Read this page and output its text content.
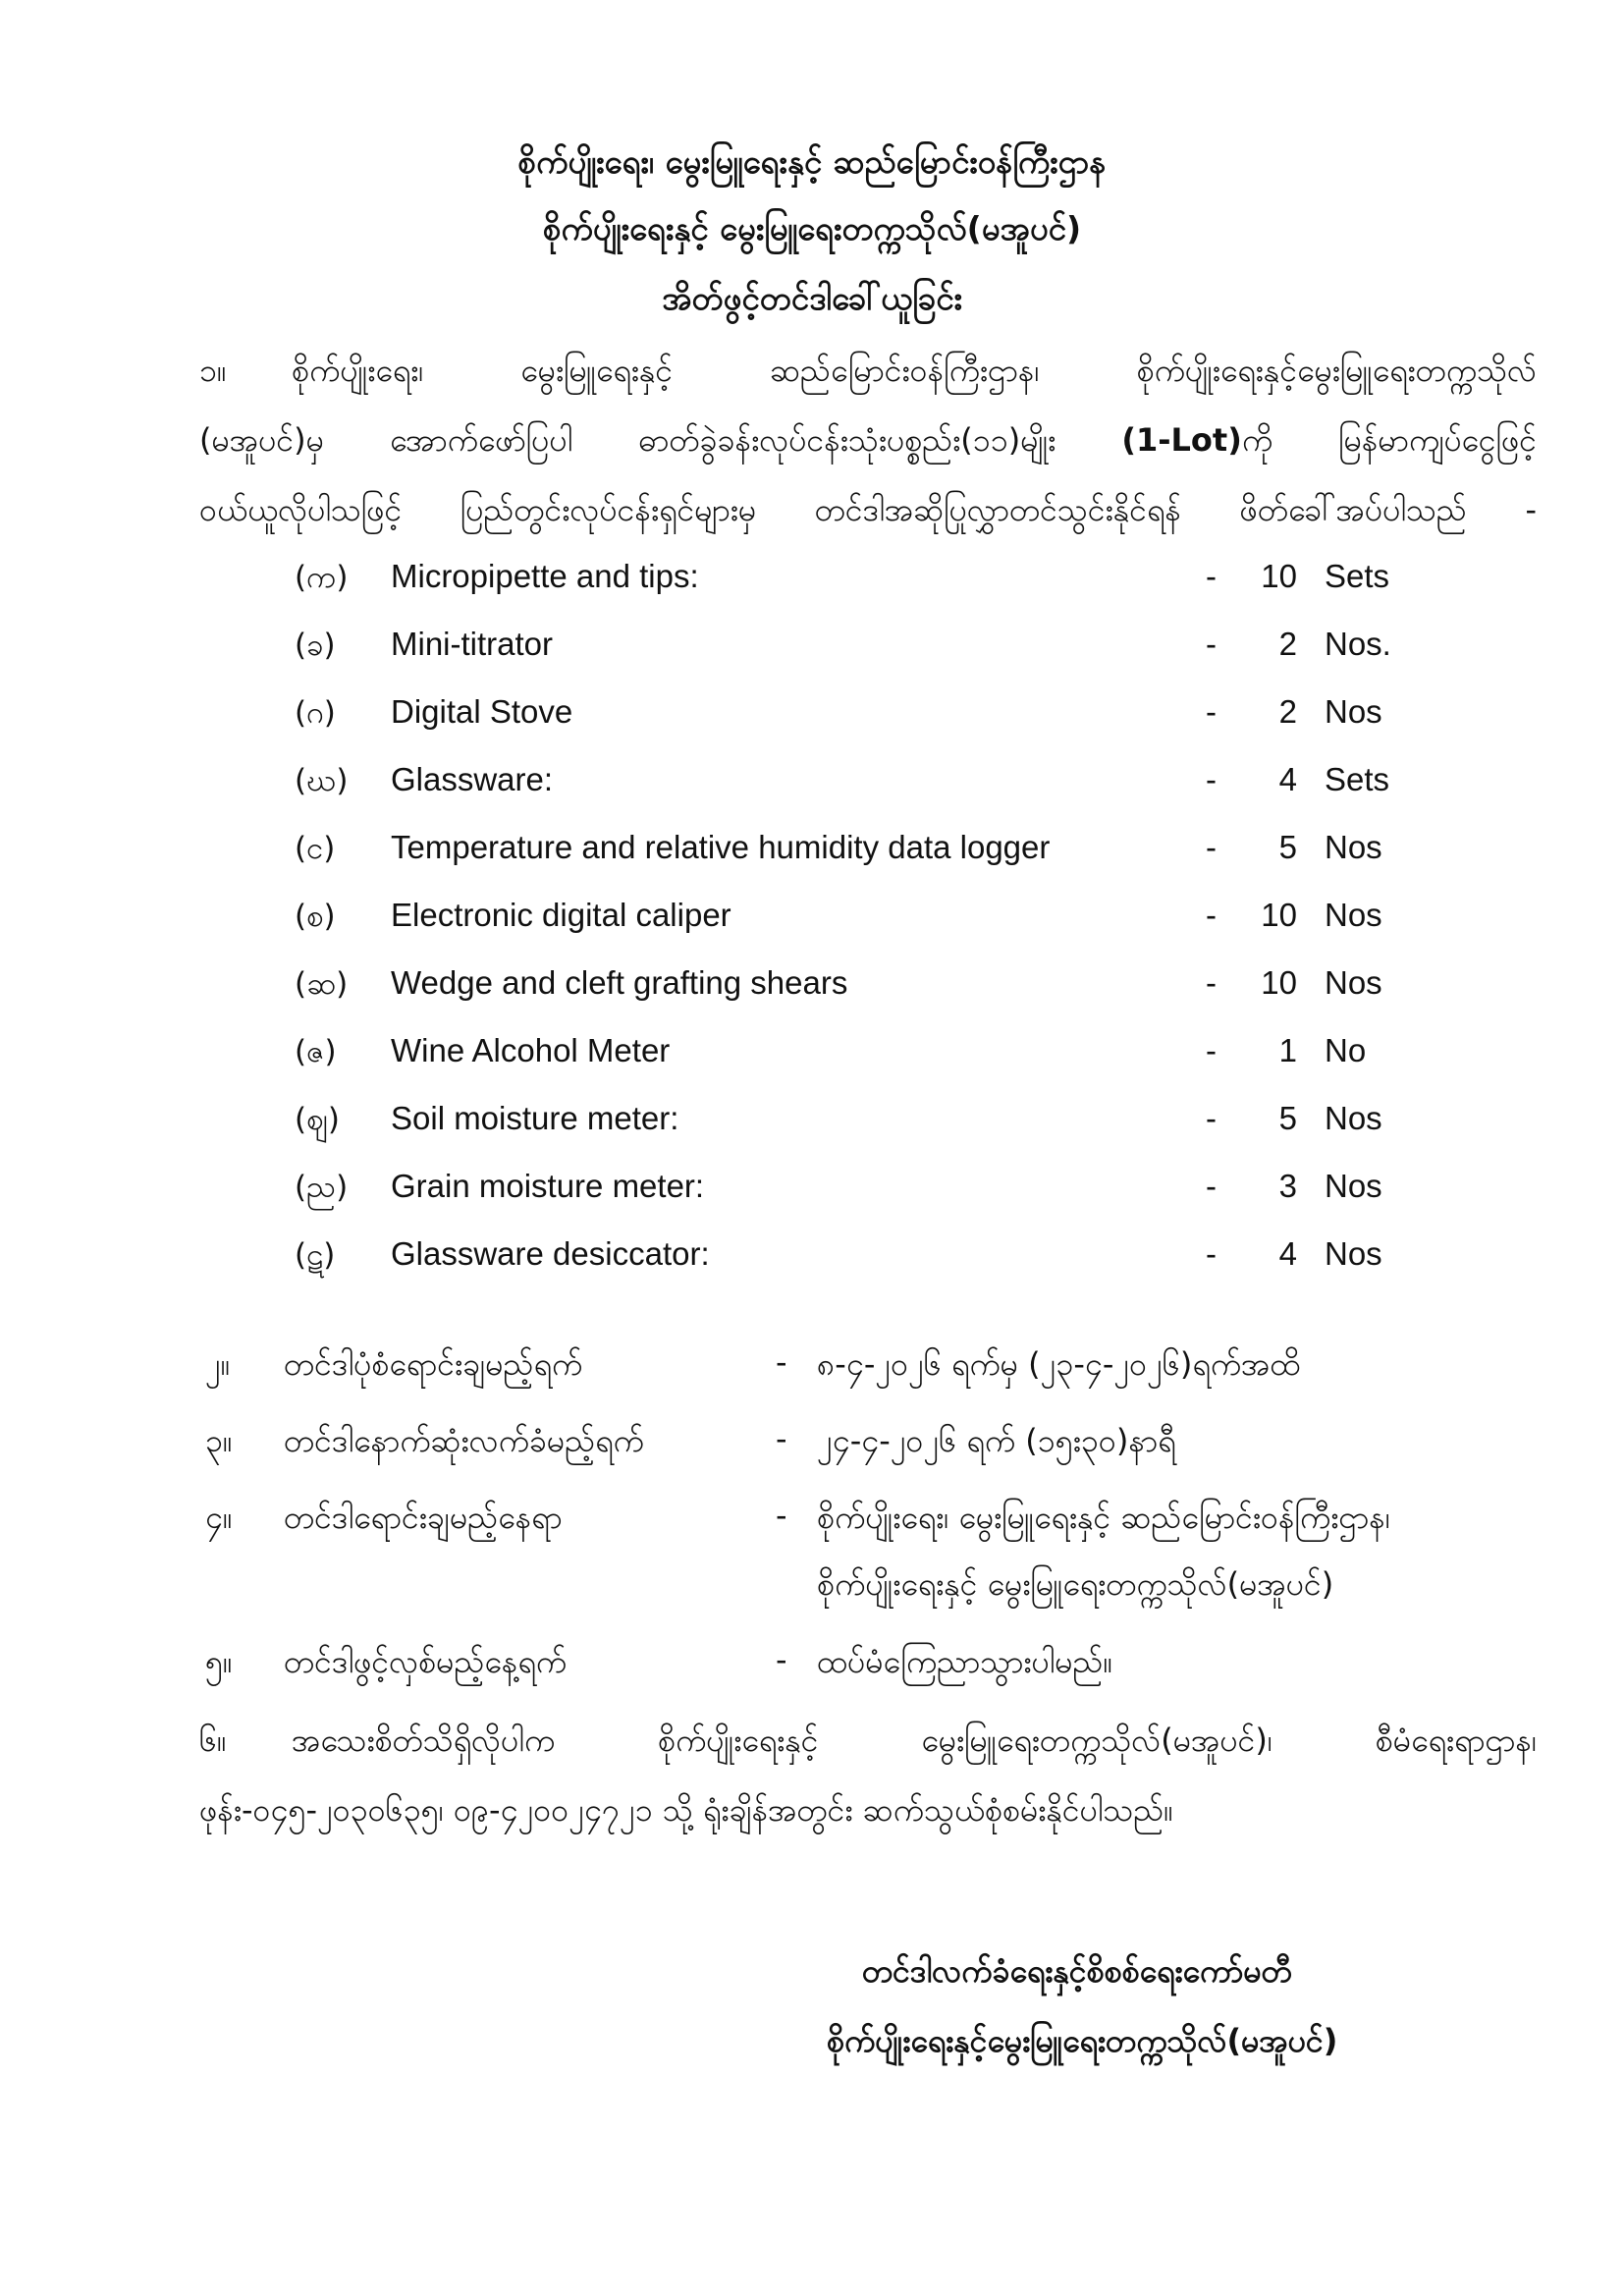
စိုက်ပျိုးရေး၊ မွေးမြူရေးနှင့် ဆည်မြောင်းဝန်ကြီးဌာန
စိုက်ပျိုးရေးနှင့် မွေးမြူရေးတက္ကသိုလ်(မအူပင်)
အိတ်ဖွင့်တင်ဒါခေါ်ယူခြင်း
၁။ စိုက်ပျိုးရေး၊ မွေးမြူရေးနှင့် ဆည်မြောင်းဝန်ကြီးဌာန၊ စိုက်ပျိုးရေးနှင့်မွေးမြူရေးတက္ကသိုလ်
(မအူပင်)မှ အောက်ဖော်ပြပါ ဓာတ်ခွဲခန်းလုပ်ငန်းသုံးပစ္စည်း(၁၁)မျိုး (1-Lot)ကို မြန်မာကျပ်ငွေဖြင့်
ဝယ်ယူလိုပါသဖြင့် ပြည်တွင်းလုပ်ငန်းရှင်များမှ တင်ဒါအဆိုပြုလွှာတင်သွင်းနိုင်ရန် ဖိတ်ခေါ်အပ်ပါသည် -
(က) Micropipette and tips:	-	10 Sets
(ခ) Mini-titrator	-	2 Nos.
(ဂ) Digital Stove	-	2 Nos
(ဃ) Glassware:	-	4 Sets
(င) Temperature and relative humidity data logger	-	5 Nos
(စ) Electronic digital caliper	-	10 Nos
(ဆ) Wedge and cleft grafting shears	-	10 Nos
(ဇ) Wine Alcohol Meter	-	1 No
(ဈ) Soil moisture meter:	-	5 Nos
(ည) Grain moisture meter:	-	3 Nos
(ဋ) Glassware desiccator:	-	4 Nos
၂။ တင်ဒါပုံစံရောင်းချမည့်ရက်	- ၈-၄-၂၀၂၆ ရက်မှ (၂၃-၄-၂၀၂၆)ရက်အထိ
၃။ တင်ဒါနောက်ဆုံးလက်ခံမည့်ရက်	- ၂၄-၄-၂၀၂၆ ရက် (၁၅း၃၀)နာရီ
၄။ တင်ဒါရောင်းချမည့်နေရာ	- စိုက်ပျိုးရေး၊ မွေးမြူရေးနှင့် ဆည်မြောင်းဝန်ကြီးဌာန၊
စိုက်ပျိုးရေးနှင့် မွေးမြူရေးတက္ကသိုလ်(မအူပင်)
၅။ တင်ဒါဖွင့်လှစ်မည့်နေ့ရက်	- ထပ်မံကြေညာသွားပါမည်။
၆။ အသေးစိတ်သိရှိလိုပါက စိုက်ပျိုးရေးနှင့် မွေးမြူရေးတက္ကသိုလ်(မအူပင်)၊ စီမံရေးရာဌာန၊
ဖုန်း-၀၄၅-၂၀၃၀၆၃၅၊ ၀၉-၄၂၀၀၂၄၇၂၁ သို့ ရုံးချိန်အတွင်း ဆက်သွယ်စုံစမ်းနိုင်ပါသည်။
တင်ဒါလက်ခံရေးနှင့်စိစစ်ရေးကော်မတီ
စိုက်ပျိုးရေးနှင့်မွေးမြူရေးတက္ကသိုလ်(မအူပင်)
